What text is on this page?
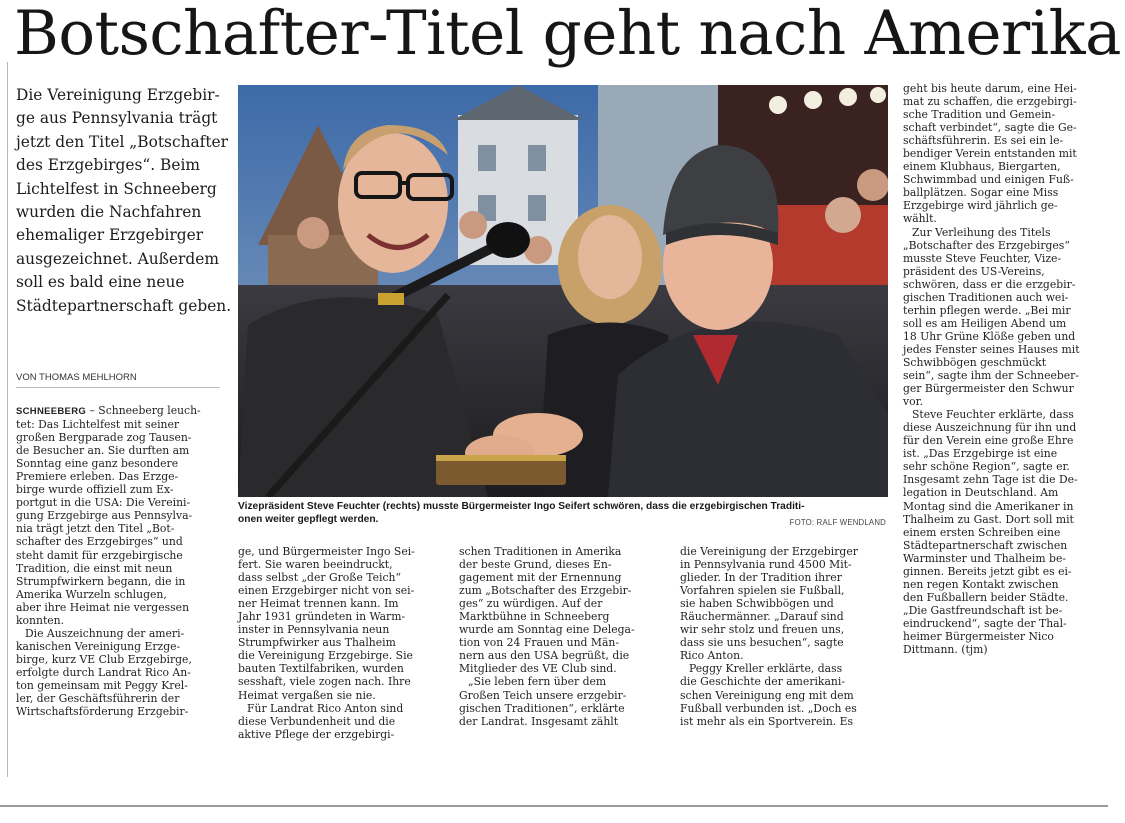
Botschafter-Titel geht nach Amerika
Die Vereinigung Erzgebir-
ge aus Pennsylvania trägt
jetzt den Titel „Botschafter
des Erzgebirges“. Beim
Lichtelfest in Schneeberg
wurden die Nachfahren
ehemaliger Erzgebirger
ausgezeichnet. Außerdem
soll es bald eine neue
Städtepartnerschaft geben.
VON THOMAS MEHLHORN
SCHNEEBERG – Schneeberg leuch-
tet: Das Lichtelfest mit seiner
großen Bergparade zog Tausen-
de Besucher an. Sie durften am
Sonntag eine ganz besondere
Premiere erleben. Das Erzge-
birge wurde offiziell zum Ex-
portgut in die USA: Die Vereini-
gung Erzgebirge aus Pennsylva-
nia trägt jetzt den Titel „Bot-
schafter des Erzgebirges“ und
steht damit für erzgebirgische
Tradition, die einst mit neun
Strumpfwirkern begann, die in
Amerika Wurzeln schlugen,
aber ihre Heimat nie vergessen
konnten.
Die Auszeichnung der ameri-
kanischen Vereinigung Erzge-
birge, kurz VE Club Erzgebirge,
erfolgte durch Landrat Rico An-
ton gemeinsam mit Peggy Krel-
ler, der Geschäftsführerin der
Wirtschaftsförderung Erzgebir-
Vizepräsident Steve Feuchter (rechts) musste Bürgermeister Ingo Seifert schwören, dass die erzgebirgischen Traditi-
onen weiter gepflegt werden.	FOTO: RALF WENDLAND
ge, und Bürgermeister Ingo Sei-
fert. Sie waren beeindruckt,
dass selbst „der Große Teich“
einen Erzgebirger nicht von sei-
ner Heimat trennen kann. Im
Jahr 1931 gründeten in Warm-
inster in Pennsylvania neun
Strumpfwirker aus Thalheim
die Vereinigung Erzgebirge. Sie
bauten Textilfabriken, wurden
sesshaft, viele zogen nach. Ihre
Heimat vergaßen sie nie.
Für Landrat Rico Anton sind
diese Verbundenheit und die
aktive Pflege der erzgebirgi-
schen Traditionen in Amerika
der beste Grund, dieses En-
gagement mit der Ernennung
zum „Botschafter des Erzgebir-
ges“ zu würdigen. Auf der
Marktbühne in Schneeberg
wurde am Sonntag eine Delega-
tion von 24 Frauen und Män-
nern aus den USA begrüßt, die
Mitglieder des VE Club sind.
„Sie leben fern über dem
Großen Teich unsere erzgebir-
gischen Traditionen“, erklärte
der Landrat. Insgesamt zählt
die Vereinigung der Erzgebirger
in Pennsylvania rund 4500 Mit-
glieder. In der Tradition ihrer
Vorfahren spielen sie Fußball,
sie haben Schwibbögen und
Räuchermänner. „Darauf sind
wir sehr stolz und freuen uns,
dass sie uns besuchen“, sagte
Rico Anton.
Peggy Kreller erklärte, dass
die Geschichte der amerikani-
schen Vereinigung eng mit dem
Fußball verbunden ist. „Doch es
ist mehr als ein Sportverein. Es
geht bis heute darum, eine Hei-
mat zu schaffen, die erzgebirgi-
sche Tradition und Gemein-
schaft verbindet“, sagte die Ge-
schäftsführerin. Es sei ein le-
bendiger Verein entstanden mit
einem Klubhaus, Biergarten,
Schwimmbad und einigen Fuß-
ballplätzen. Sogar eine Miss
Erzgebirge wird jährlich ge-
wählt.
Zur Verleihung des Titels
„Botschafter des Erzgebirges“
musste Steve Feuchter, Vize-
präsident des US-Vereins,
schwören, dass er die erzgebir-
gischen Traditionen auch wei-
terhin pflegen werde. „Bei mir
soll es am Heiligen Abend um
18 Uhr Grüne Klöße geben und
jedes Fenster seines Hauses mit
Schwibbögen geschmückt
sein“, sagte ihm der Schneeber-
ger Bürgermeister den Schwur
vor.
Steve Feuchter erklärte, dass
diese Auszeichnung für ihn und
für den Verein eine große Ehre
ist. „Das Erzgebirge ist eine
sehr schöne Region“, sagte er.
Insgesamt zehn Tage ist die De-
legation in Deutschland. Am
Montag sind die Amerikaner in
Thalheim zu Gast. Dort soll mit
einem ersten Schreiben eine
Städtepartnerschaft zwischen
Warminster und Thalheim be-
ginnen. Bereits jetzt gibt es ei-
nen regen Kontakt zwischen
den Fußballern beider Städte.
„Die Gastfreundschaft ist be-
eindruckend“, sagte der Thal-
heimer Bürgermeister Nico
Dittmann. (tjm)
